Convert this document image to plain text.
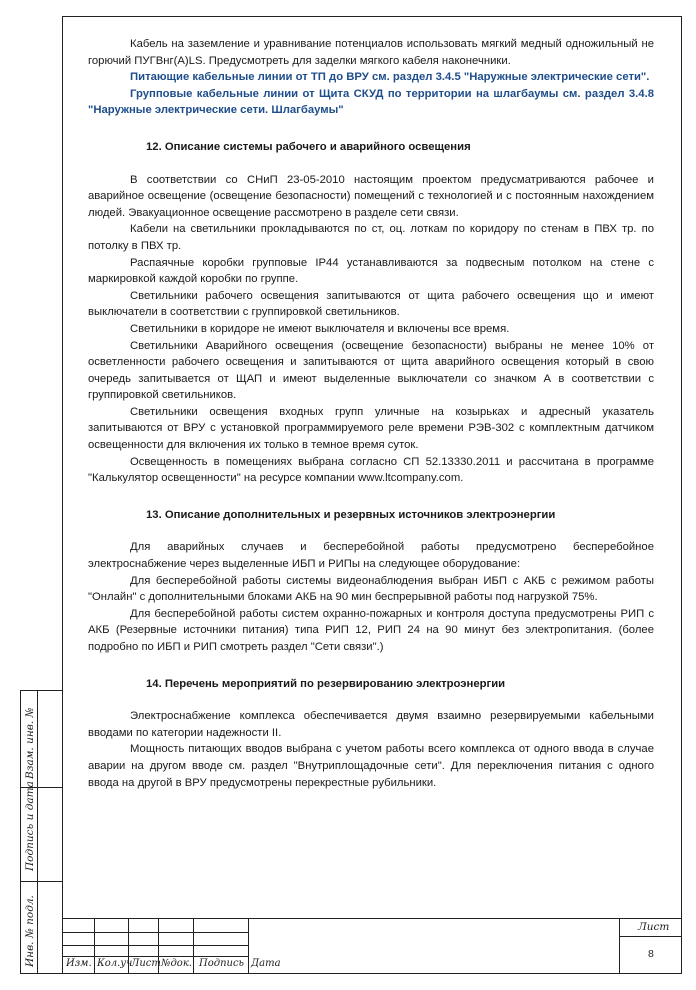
Кабель на заземление и уравнивание потенциалов использовать мягкий медный одножильный не горючий ПУГВнг(А)LS. Предусмотреть для заделки мягкого кабеля наконечники.

Питающие кабельные линии от ТП до ВРУ см. раздел 3.4.5 "Наружные электрические сети".

Групповые кабельные линии от Щита СКУД по территории на шлагбаумы см. раздел 3.4.8 "Наружные электрические сети. Шлагбаумы"

12. Описание системы рабочего и аварийного освещения

В соответствии со СНиП 23-05-2010 настоящим проектом предусматриваются рабочее и аварийное освещение (освещение безопасности) помещений с технологией и с постоянным нахождением людей. Эвакуационное освещение рассмотрено в разделе сети связи.

Кабели на светильники прокладываются по ст, оц. лоткам по коридору по стенам в ПВХ тр. по потолку в ПВХ тр.

Распаячные коробки групповые IP44 устанавливаются за подвесным потолком на стене с маркировкой каждой коробки по группе.

Светильники рабочего освещения запитываются от щита рабочего освещения що и имеют выключатели в соответствии с группировкой светильников.

Светильники в коридоре не имеют выключателя и включены все время.

Светильники Аварийного освещения (освещение безопасности) выбраны не менее 10% от осветленности рабочего освещения и запитываются от щита аварийного освещения который в свою очередь запитывается от ЩАП и имеют выделенные выключатели со значком А в соответствии с группировкой светильников.

Светильники освещения входных групп уличные на козырьках и адресный указатель запитываются от ВРУ с установкой программируемого реле времени РЭВ-302 с комплектным датчиком освещенности для включения их только в темное время суток.

Освещенность в помещениях выбрана согласно СП 52.13330.2011 и рассчитана в программе "Калькулятор освещенности" на ресурсе компании www.ltcompany.com.

13. Описание дополнительных и резервных источников электроэнергии

Для аварийных случаев и бесперебойной работы предусмотрено бесперебойное электроснабжение через выделенные ИБП и РИПы на следующее оборудование:

Для бесперебойной работы системы видеонаблюдения выбран ИБП с АКБ с режимом работы "Онлайн" с дополнительными блоками АКБ на 90 мин беспрерывной работы под нагрузкой 75%.

Для бесперебойной работы систем охранно-пожарных и контроля доступа предусмотрены РИП с АКБ (Резервные источники питания) типа РИП 12, РИП 24 на 90 минут без электропитания. (более подробно по ИБП и РИП смотреть раздел "Сети связи".)

14. Перечень мероприятий по резервированию электроэнергии

Электроснабжение комплекса обеспечивается двумя взаимно резервируемыми кабельными вводами по категории надежности II.

Мощность питающих вводов выбрана с учетом работы всего комплекса от одного ввода в случае аварии на другом вводе см. раздел "Внутриплощадочные сети". Для переключения питания с одного ввода на другой в ВРУ предусмотрены перекрестные рубильники.

Взам. инв. №
Подпись и дата
Инв. № подл.	Изм. Кол.уч
Лист №док. Подпись Дата
Лист
8
